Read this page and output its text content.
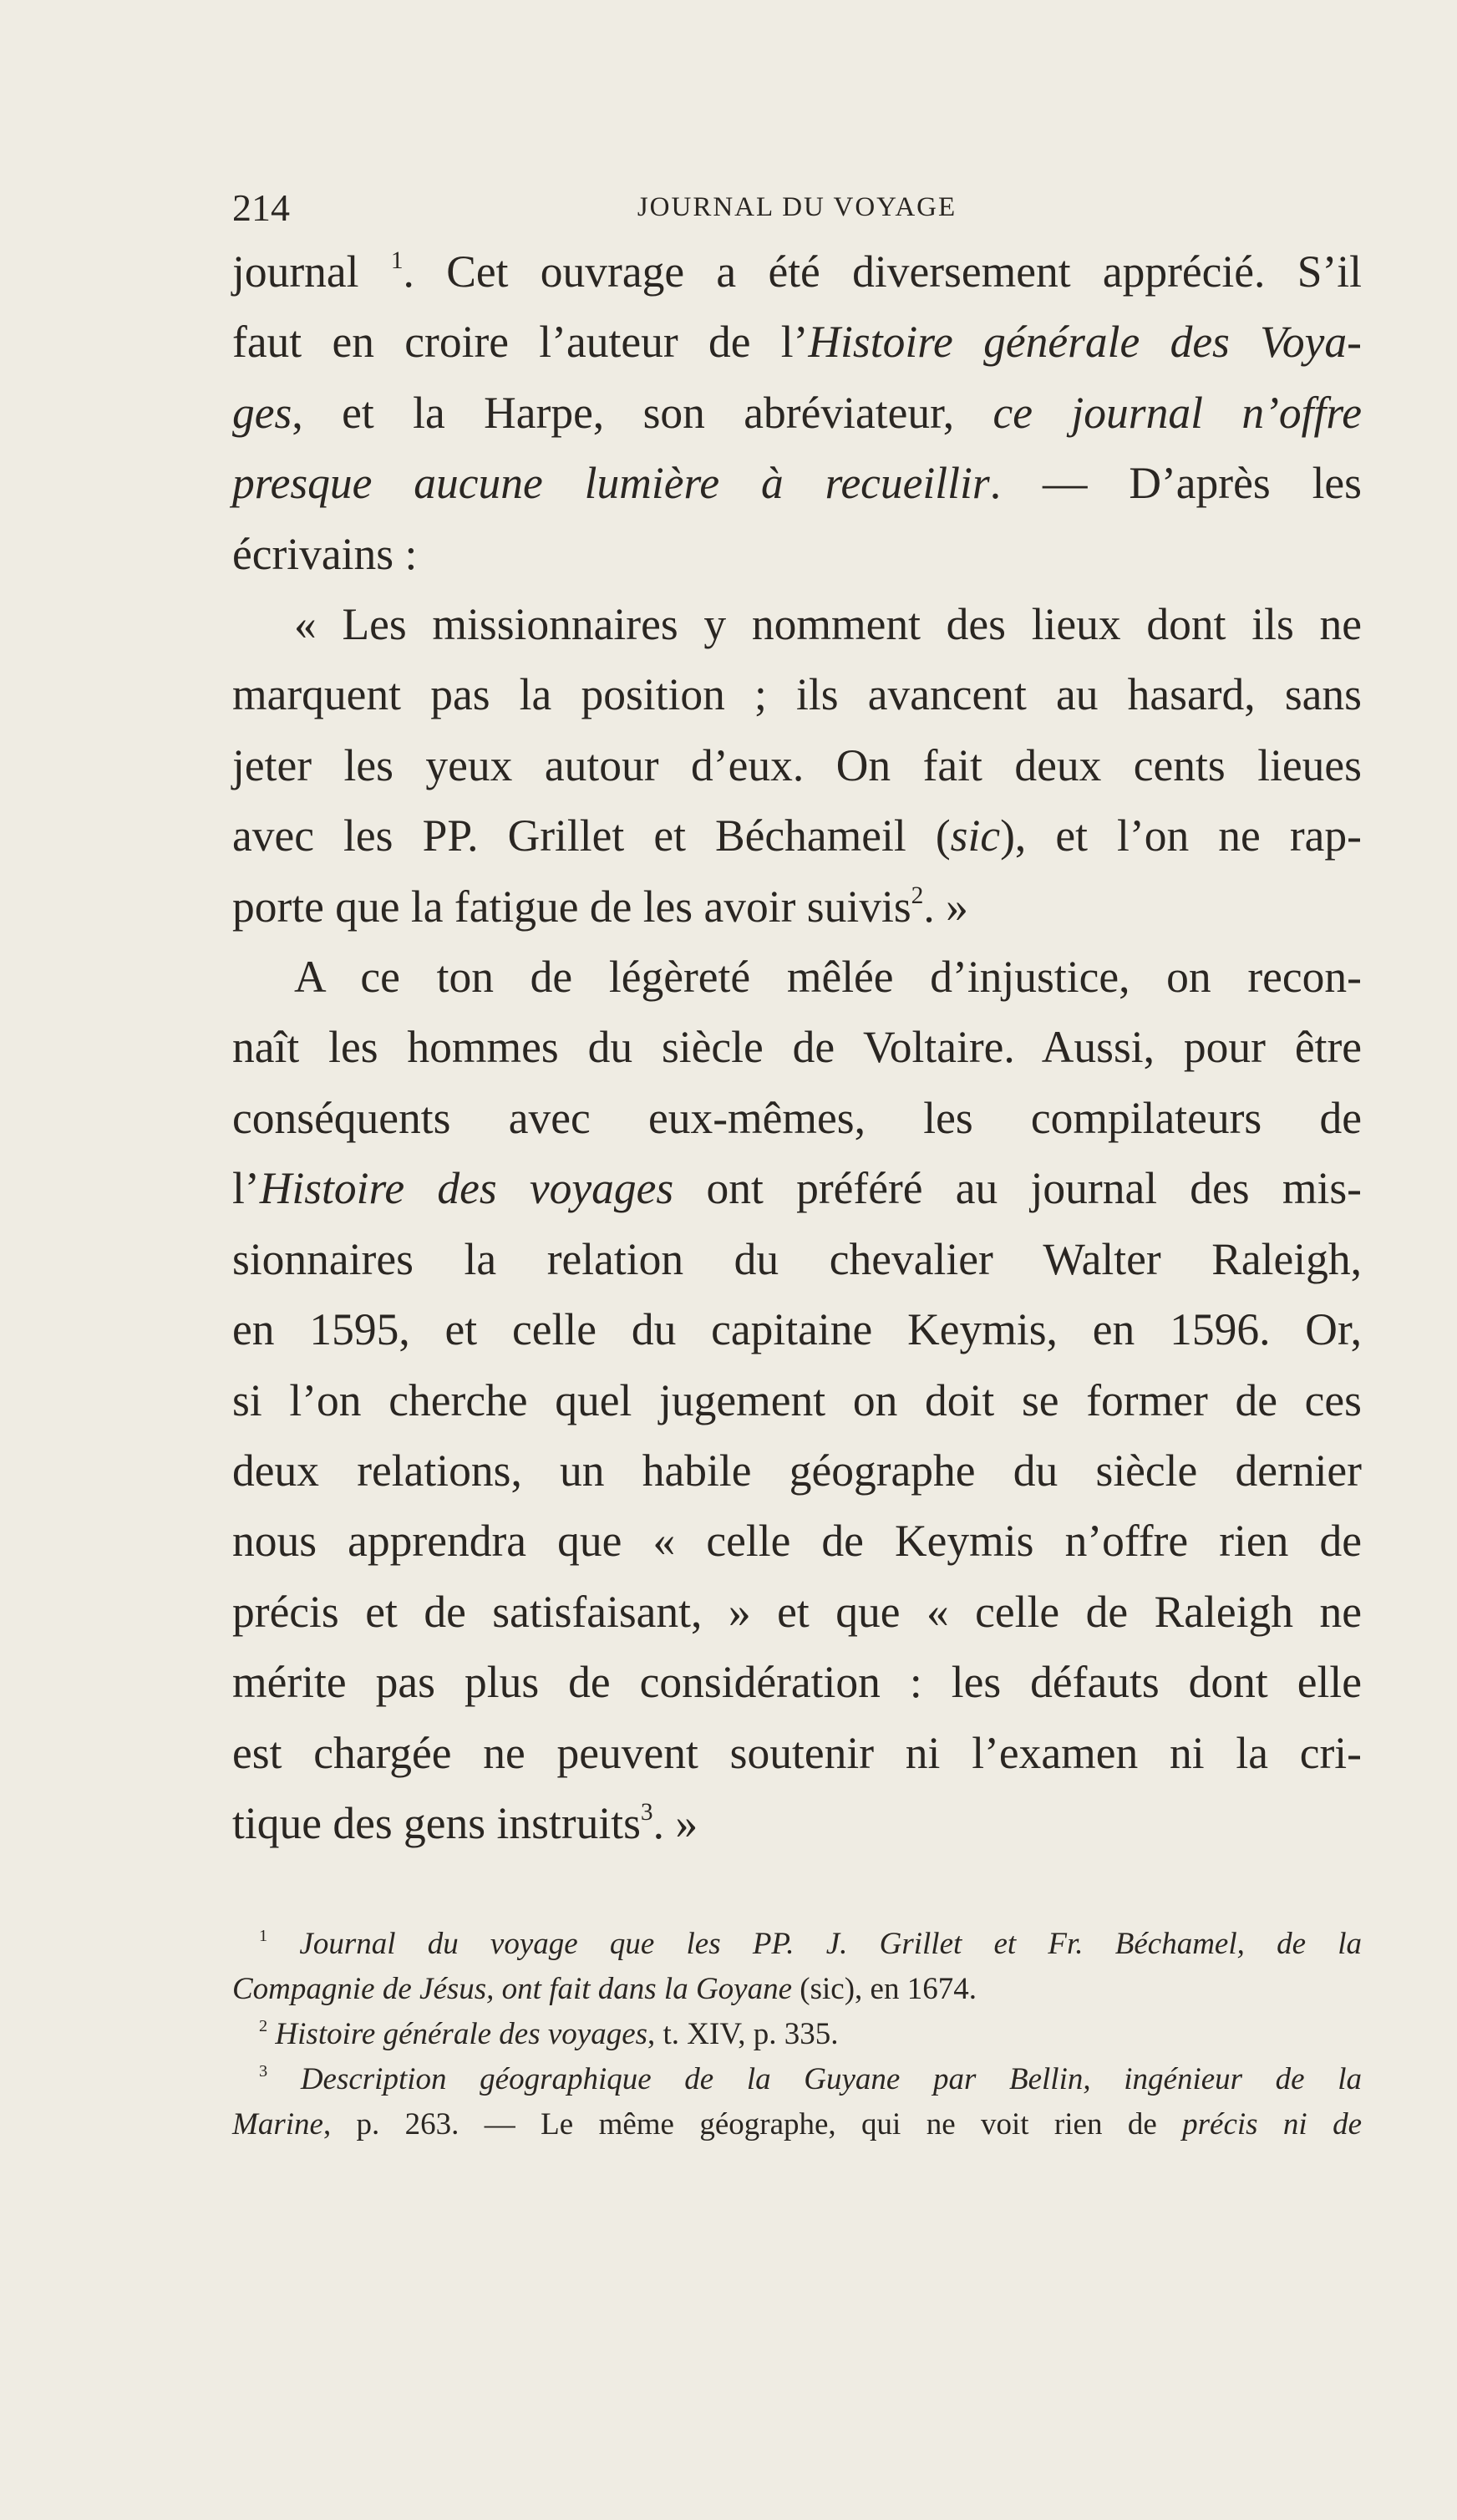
214	JOURNAL DU VOYAGE
journal $^1$. Cet ouvrage a été diversement apprécié. S’il
faut en croire l’auteur de l’Histoire générale des Voya-
ges, et la Harpe, son abréviateur, ce journal n’offre
presque aucune lumière à recueillir. — D’après les
écrivains :
« Les missionnaires y nomment des lieux dont ils ne
marquent pas la position ; ils avancent au hasard, sans
jeter les yeux autour d’eux. On fait deux cents lieues
avec les PP. Grillet et Béchameil (sic), et l’on ne rap-
porte que la fatigue de les avoir suivis$^2$. »
A ce ton de légèreté mêlée d’injustice, on recon-
naît les hommes du siècle de Voltaire. Aussi, pour être
conséquents avec eux-mêmes, les compilateurs de
l’Histoire des voyages ont préféré au journal des mis-
sionnaires la relation du chevalier Walter Raleigh,
en 1595, et celle du capitaine Keymis, en 1596. Or,
si l’on cherche quel jugement on doit se former de ces
deux relations, un habile géographe du siècle dernier
nous apprendra que « celle de Keymis n’offre rien de
précis et de satisfaisant, » et que « celle de Raleigh ne
mérite pas plus de considération : les défauts dont elle
est chargée ne peuvent soutenir ni l’examen ni la cri-
tique des gens instruits$^3$. »
$^1$ Journal du voyage que les PP. J. Grillet et Fr. Béchamel, de la
Compagnie de Jésus, ont fait dans la Goyane (sic), en 1674.
$^2$ Histoire générale des voyages, t. XIV, p. 335.
$^3$ Description géographique de la Guyane par Bellin, ingénieur de la
Marine, p. 263. — Le même géographe, qui ne voit rien de précis ni de
